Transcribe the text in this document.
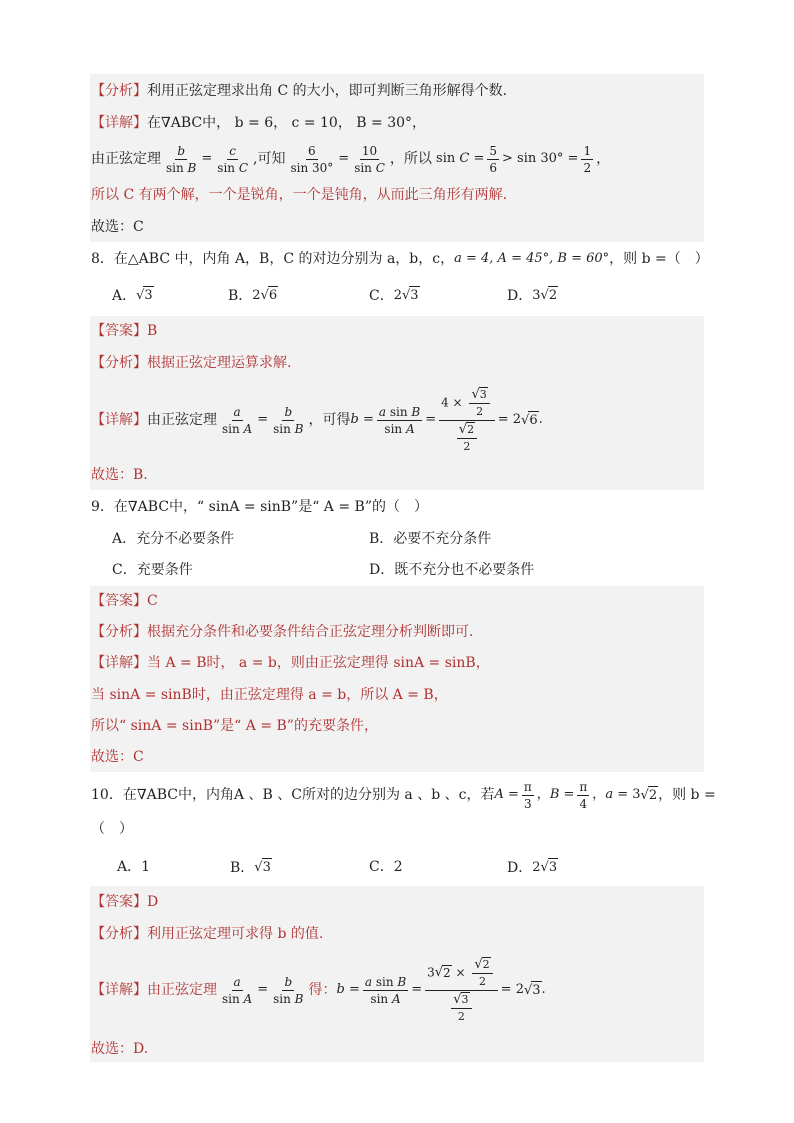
【分析】 利用正弦定理求出角 C 的大小，即可判断三角形解得个数.
【详解】 在∇ABC中， b = 6， c = 10， B = 30°，
由正弦定理 $\frac{b}{\text{sin B}} = \frac{c}{\text{sin C}}$ ,可知 $\frac{6}{\sin 30^\circ} = \frac{10}{\text{sin C}}$ ，所以 $\sin C = \frac{5}{6} > \sin 30^\circ = \frac{1}{2}$ ，
所以 C 有两个解，一个是锐角，一个是钝角，从而此三角形有两解.
故选：C
8．在△ABC 中，内角 A，B，C 的对边分别为 a，b，c， a = 4, A = 45°, B = 60° ，则 b =（　）
A． √ 3	B． 2 √ 6	C． 2 √ 3	D． 3 √ 2
【答案】 B
【分析】 根据正弦定理运算求解.
【详解】 由正弦定理 $\frac{a}{\text{sin A}} = \frac{b}{\text{sin B}}$ ，可得 $b = \frac{\text{a sin B}}{\text{sin A}} = \frac{4 \times \frac{√ 3}{2}}{\frac{√ 2}{2}} = 2$ √ 6 .
故选：B.
9．在∇ABC中，“ sinA = sinB”是“ A = B”的（　）
A．充分不必要条件	B．必要不充分条件
C．充要条件	D．既不充分也不必要条件
【答案】 C
【分析】 根据充分条件和必要条件结合正弦定理分析判断即可.
【详解】 当 A = B时， a = b，则由正弦定理得 sinA = sinB，
当 sinA = sinB时，由正弦定理得 a = b，所以 A = B，
所以“ sinA = sinB”是“ A = B”的充要条件，
故选：C
10．在∇ABC中，内角A 、B 、C所对的边分别为 a 、b 、c，若 $A = \frac{\pi}{3}$ ，$B = \frac{\pi}{4}$ ，a = 3 √ 2 ，则 b =
（　）
A．1	B． √ 3	C．2	D． 2 √ 3
【答案】 D
【分析】 利用正弦定理可求得 b 的值.
【详解】 由正弦定理 $\frac{a}{\text{sin A}} = \frac{b}{\text{sin B}}$ 得： $b = \frac{\text{a sin B}}{\text{sin A}} = \frac{3 √ 2 \times \frac{√ 2}{2}}{\frac{√ 3}{2}} = 2$ √ 3 .
故选：D.
